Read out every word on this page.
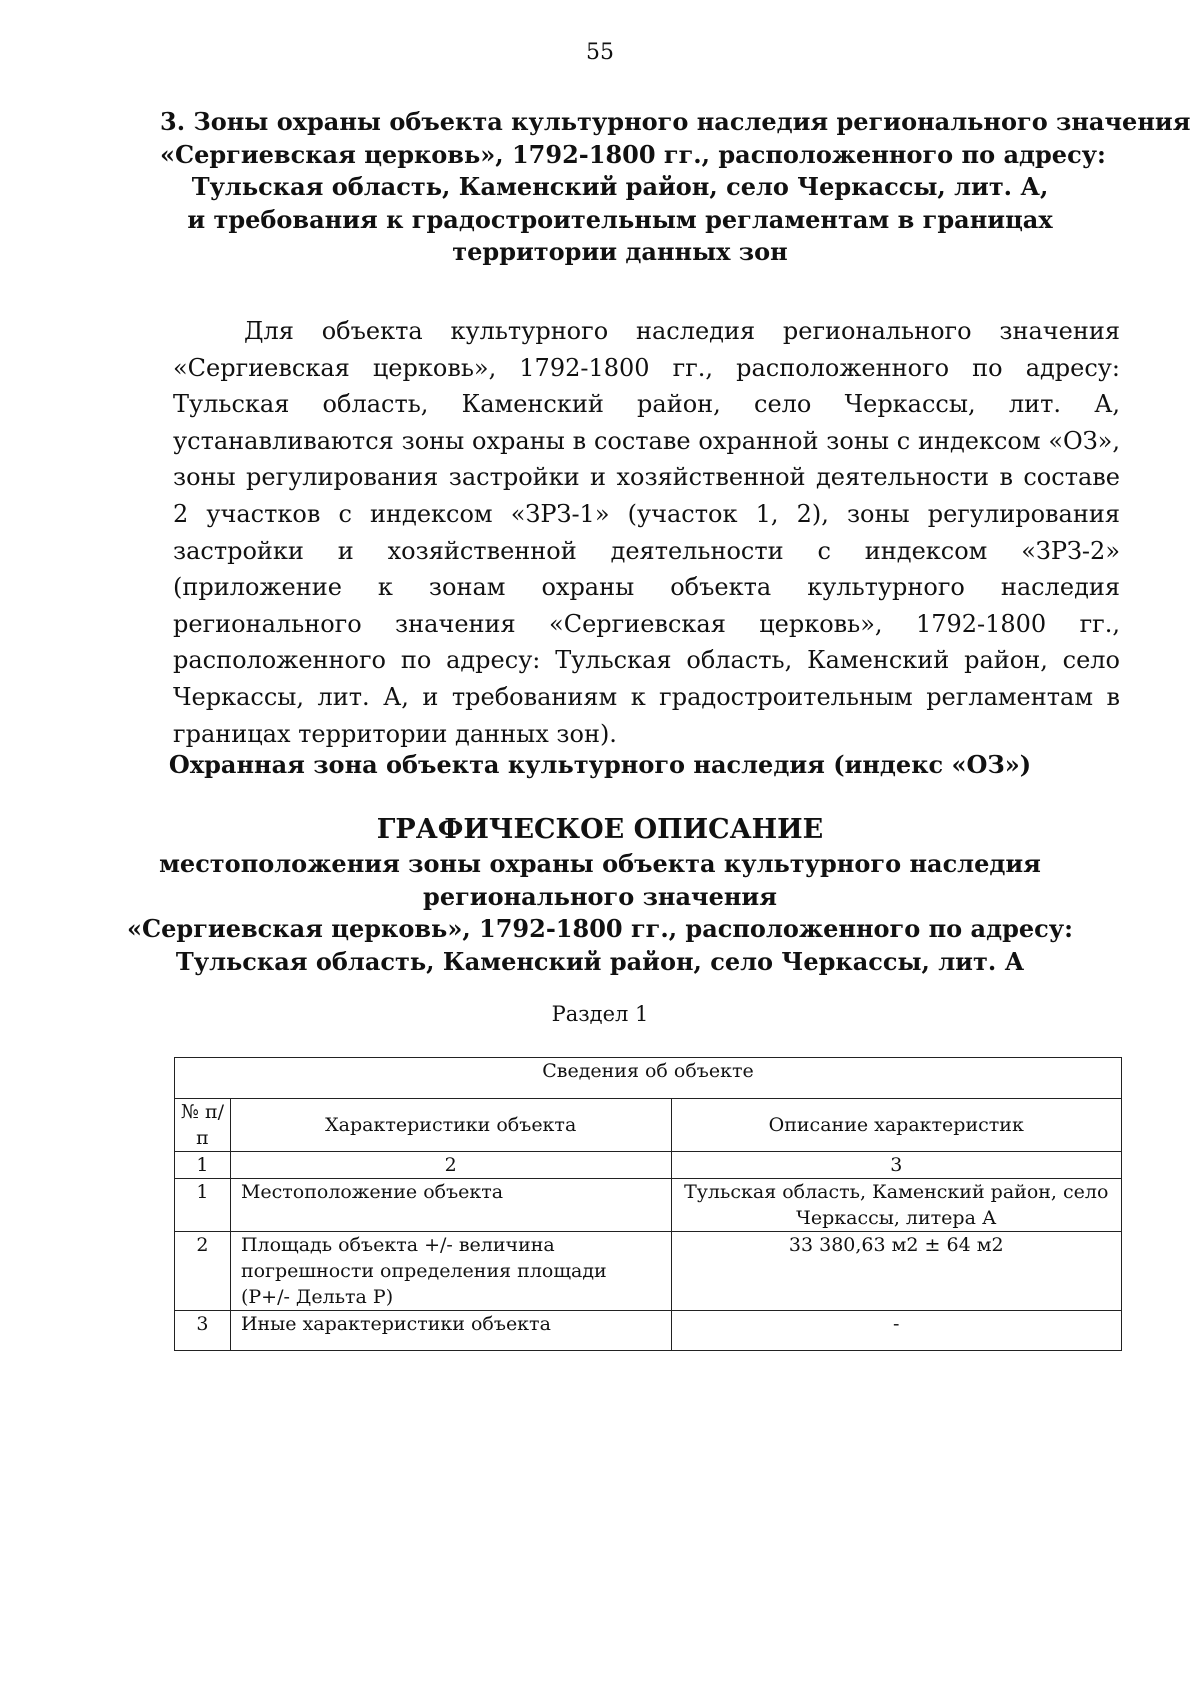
55
3. Зоны охраны объекта культурного наследия регионального значения
«Сергиевская церковь», 1792-1800 гг., расположенного по адресу:
Тульская область, Каменский район, село Черкассы, лит. А,
и требования к градостроительным регламентам в границах
территории данных зон

Для объекта культурного наследия регионального значения «Сергиевская церковь», 1792-1800 гг., расположенного по адресу: Тульская область, Каменский район, село Черкассы, лит. А, устанавливаются зоны охраны в составе охранной зоны с индексом «ОЗ», зоны регулирования застройки и хозяйственной деятельности в составе 2 участков с индексом «ЗРЗ-1» (участок 1, 2), зоны регулирования застройки и хозяйственной деятельности с индексом «ЗРЗ-2» (приложение к зонам охраны объекта культурного наследия регионального значения «Сергиевская церковь», 1792-1800 гг., расположенного по адресу: Тульская область, Каменский район, село Черкассы, лит. А, и требованиям к градостроительным регламентам в границах территории данных зон).

Охранная зона объекта культурного наследия (индекс «ОЗ»)
ГРАФИЧЕСКОЕ ОПИСАНИЕ
местоположения зоны охраны объекта культурного наследия
регионального значения
«Сергиевская церковь», 1792-1800 гг., расположенного по адресу:
Тульская область, Каменский район, село Черкассы, лит. А
Раздел 1
Сведения об объекте		
№ п/п	Характеристики объекта	Описание характеристик
1	2	3
1	Местоположение объекта	Тульская область, Каменский район, село Черкассы, литера А
2	Площадь объекта +/- величина погрешности определения площади (Р+/- Дельта Р)	33 380,63 м2 ± 64 м2
3	Иные характеристики объекта	-
